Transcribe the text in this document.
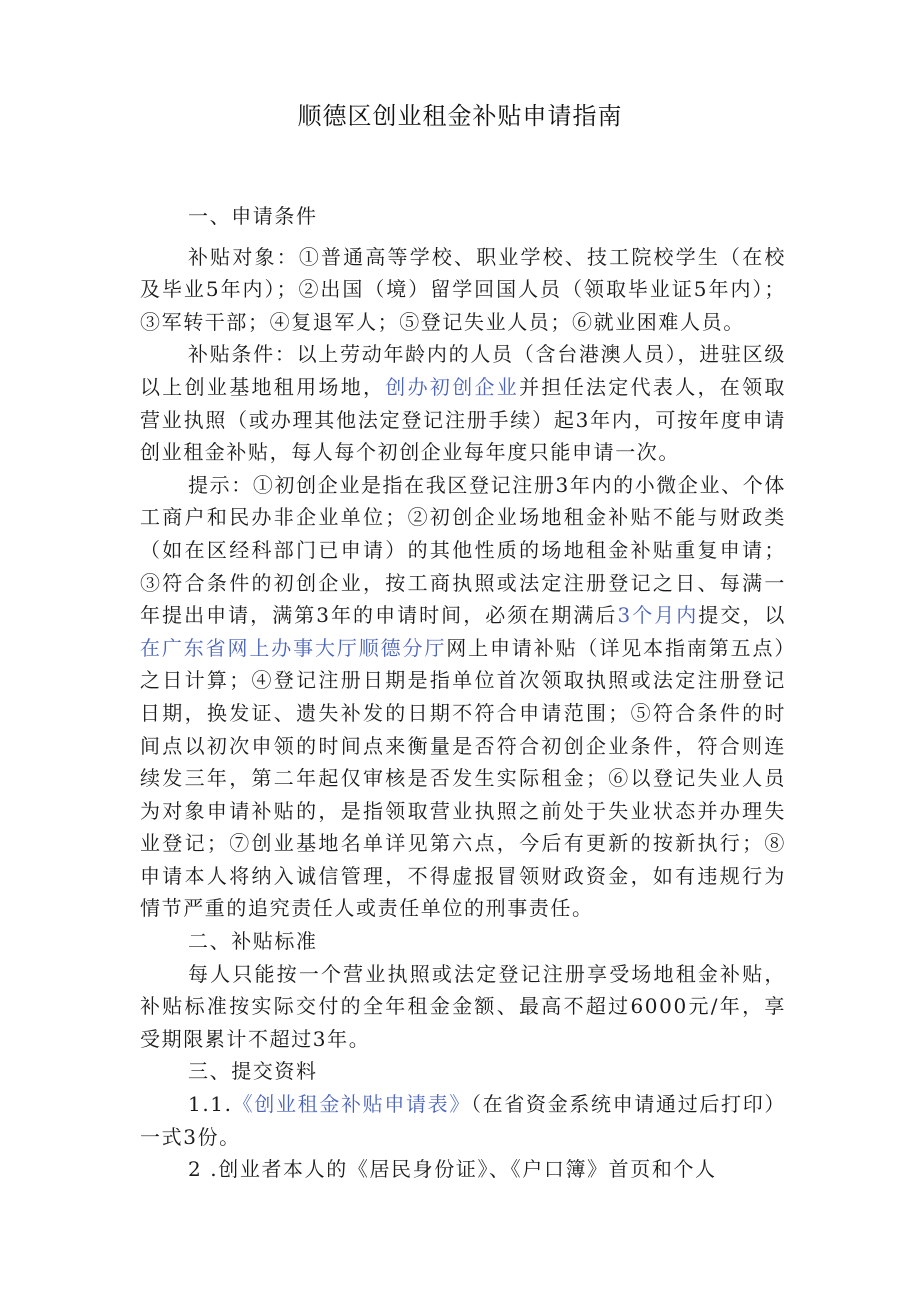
顺德区创业租金补贴申请指南

一、申请条件

补贴对象：①普通高等学校、职业学校、技工院校学生（在校及毕业5年内）；②出国（境）留学回国人员（领取毕业证5年内）；③军转干部；④复退军人；⑤登记失业人员；⑥就业困难人员。

补贴条件：以上劳动年龄内的人员（含台港澳人员），进驻区级以上创业基地租用场地，创办初创企业并担任法定代表人，在领取营业执照（或办理其他法定登记注册手续）起3年内，可按年度申请创业租金补贴，每人每个初创企业每年度只能申请一次。

提示：①初创企业是指在我区登记注册3年内的小微企业、个体工商户和民办非企业单位；②初创企业场地租金补贴不能与财政类（如在区经科部门已申请）的其他性质的场地租金补贴重复申请；③符合条件的初创企业，按工商执照或法定注册登记之日、每满一年提出申请，满第3年的申请时间，必须在期满后3个月内提交，以在广东省网上办事大厅顺德分厅网上申请补贴（详见本指南第五点）之日计算；④登记注册日期是指单位首次领取执照或法定注册登记日期，换发证、遗失补发的日期不符合申请范围；⑤符合条件的时间点以初次申领的时间点来衡量是否符合初创企业条件，符合则连续发三年，第二年起仅审核是否发生实际租金；⑥以登记失业人员为对象申请补贴的，是指领取营业执照之前处于失业状态并办理失业登记；⑦创业基地名单详见第六点，今后有更新的按新执行；⑧申请本人将纳入诚信管理，不得虚报冒领财政资金，如有违规行为情节严重的追究责任人或责任单位的刑事责任。

二、补贴标准

每人只能按一个营业执照或法定登记注册享受场地租金补贴，补贴标准按实际交付的全年租金金额、最高不超过6000元/年，享受期限累计不超过3年。

三、提交资料

1.1.《创业租金补贴申请表》（在省资金系统申请通过后打印）一式3份。

2 .创业者本人的《居民身份证》、《户口簿》首页和个人
